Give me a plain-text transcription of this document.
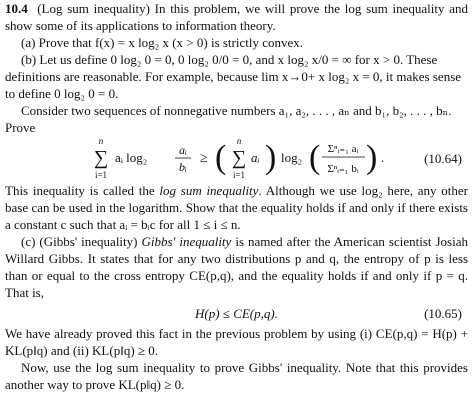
10.4 (Log sum inequality) In this problem, we will prove the log sum inequality and show some of its applications to information theory.

(a) Prove that f(x) = x log₂ x (x > 0) is strictly convex.

(b) Let us define 0 log₂ 0 = 0, 0 log₂ 0/0 = 0, and x log₂ x/0 = ∞ for x > 0. These

definitions are reasonable. For example, because lim x→0+ x log₂ x = 0, it makes sense

to define 0 log₂ 0 = 0.

Consider two sequences of nonnegative numbers a₁, a₂, . . . , aₙ and b₁, b₂, . . . , bₙ.

Prove

n
∑
i=1
aᵢ log₂	aᵢ
bᵢ
≥ ( n
∑
i=1
aᵢ ) log₂ ( Σⁿᵢ₌₁ aᵢ
Σⁿᵢ₌₁ bᵢ ) .	(10.64)

This inequality is called the log sum inequality. Although we use log₂ here, any other base can be used in the logarithm. Show that the equality holds if and only if there exists a constant c such that aᵢ = bᵢc for all 1 ≤ i ≤ n.

(c) (Gibbs' inequality) Gibbs' inequality is named after the American scientist Josiah Willard Gibbs. It states that for any two distributions p and q, the entropy of p is less than or equal to the cross entropy CE(p,q), and the equality holds if and only if p = q. That is,

H(p) ≤ CE(p,q).	(10.65)

We have already proved this fact in the previous problem by using (i) CE(p,q) = H(p) + KL(p‖q) and (ii) KL(p‖q) ≥ 0.

Now, use the log sum inequality to prove Gibbs' inequality. Note that this provides another way to prove KL(p‖q) ≥ 0.
